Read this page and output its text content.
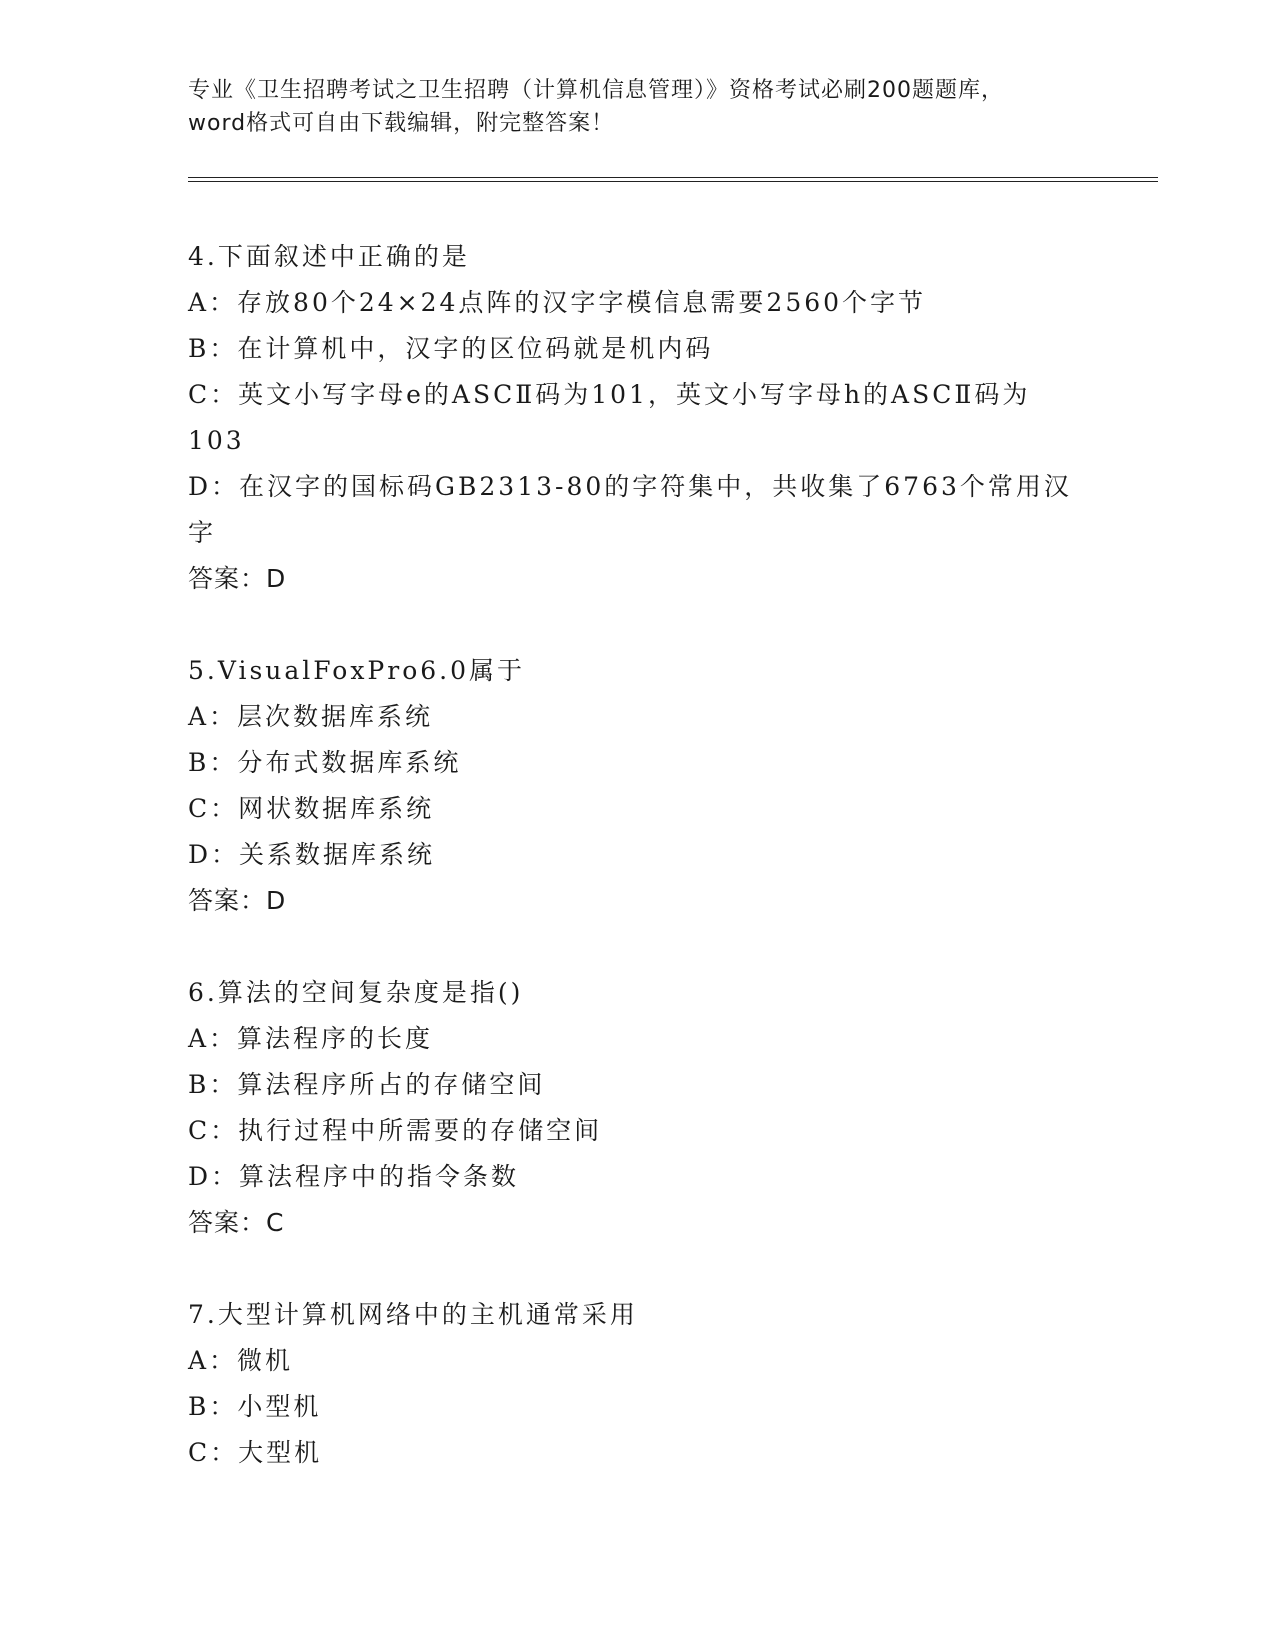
专业《卫生招聘考试之卫生招聘（计算机信息管理）》资格考试必刷200题题库，
word格式可自由下载编辑，附完整答案！
4.下面叙述中正确的是
A：存放80个24×24点阵的汉字字模信息需要2560个字节
B：在计算机中，汉字的区位码就是机内码
C：英文小写字母e的ASCⅡ码为101，英文小写字母h的ASCⅡ码为
103
D：在汉字的国标码GB2313-80的字符集中，共收集了6763个常用汉
字
答案：D
5.VisualFoxPro6.0属于
A：层次数据库系统
B：分布式数据库系统
C：网状数据库系统
D：关系数据库系统
答案：D
6.算法的空间复杂度是指()
A：算法程序的长度
B：算法程序所占的存储空间
C：执行过程中所需要的存储空间
D：算法程序中的指令条数
答案：C
7.大型计算机网络中的主机通常采用
A：微机
B：小型机
C：大型机
